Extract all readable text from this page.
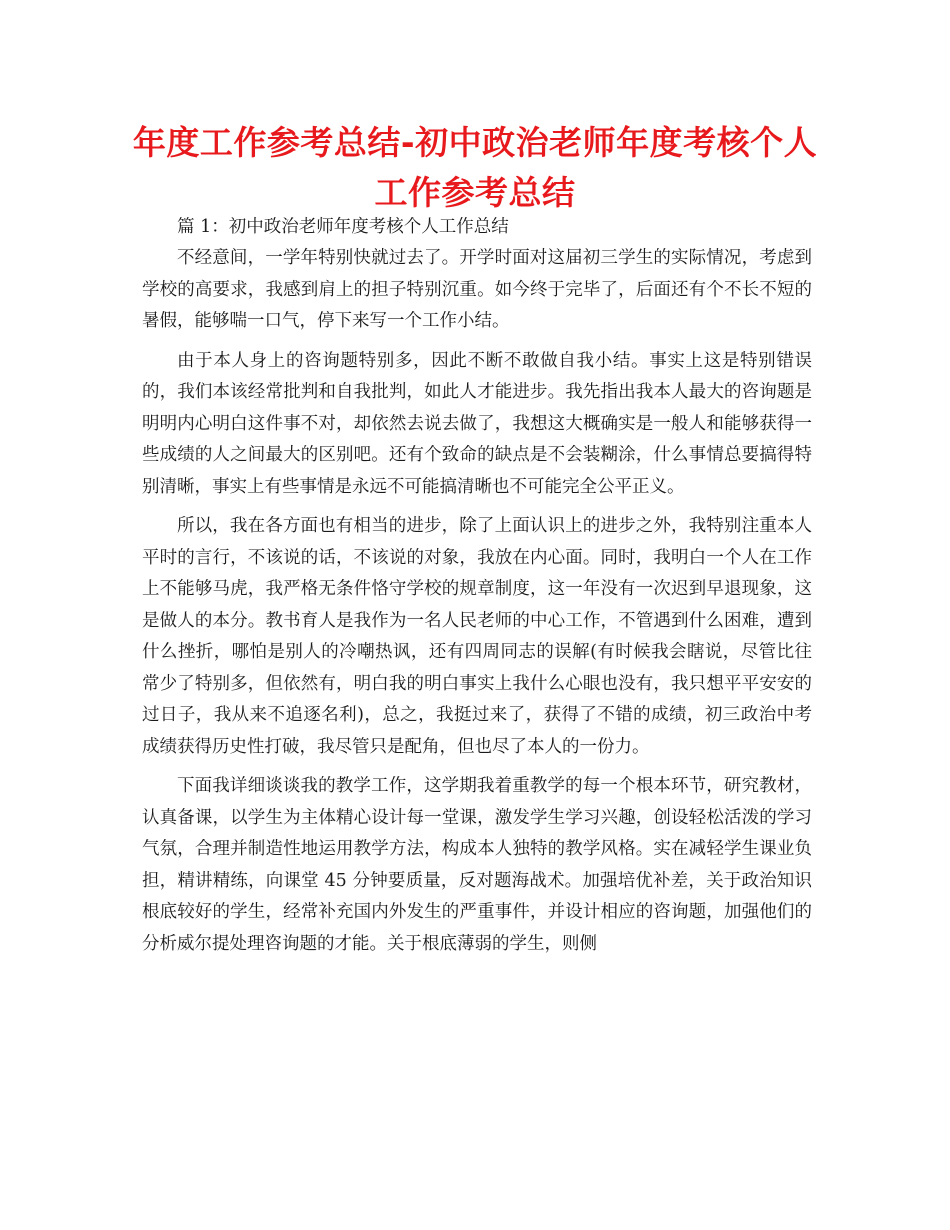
年度工作参考总结-初中政治老师年度考核个人工作参考总结

篇 1：初中政治老师年度考核个人工作总结

不经意间，一学年特别快就过去了。开学时面对这届初三学生的实际情况，考虑到学校的高要求，我感到肩上的担子特别沉重。如今终于完毕了，后面还有个不长不短的暑假，能够喘一口气，停下来写一个工作小结。

由于本人身上的咨询题特别多，因此不断不敢做自我小结。事实上这是特别错误的，我们本该经常批判和自我批判，如此人才能进步。我先指出我本人最大的咨询题是明明内心明白这件事不对，却依然去说去做了，我想这大概确实是一般人和能够获得一些成绩的人之间最大的区别吧。还有个致命的缺点是不会装糊涂，什么事情总要搞得特别清晰，事实上有些事情是永远不可能搞清晰也不可能完全公平正义。

所以，我在各方面也有相当的进步，除了上面认识上的进步之外，我特别注重本人平时的言行，不该说的话，不该说的对象，我放在内心面。同时，我明白一个人在工作上不能够马虎，我严格无条件恪守学校的规章制度，这一年没有一次迟到早退现象，这是做人的本分。教书育人是我作为一名人民老师的中心工作，不管遇到什么困难，遭到什么挫折，哪怕是别人的冷嘲热讽，还有四周同志的误解(有时候我会瞎说，尽管比往常少了特别多，但依然有，明白我的明白事实上我什么心眼也没有，我只想平平安安的过日子，我从来不追逐名利)，总之，我挺过来了，获得了不错的成绩，初三政治中考成绩获得历史性打破，我尽管只是配角，但也尽了本人的一份力。

下面我详细谈谈我的教学工作，这学期我着重教学的每一个根本环节，研究教材，认真备课，以学生为主体精心设计每一堂课，激发学生学习兴趣，创设轻松活泼的学习气氛，合理并制造性地运用教学方法，构成本人独特的教学风格。实在减轻学生课业负担，精讲精练，向课堂 45 分钟要质量，反对题海战术。加强培优补差，关于政治知识根底较好的学生，经常补充国内外发生的严重事件，并设计相应的咨询题，加强他们的分析威尔提处理咨询题的才能。关于根底薄弱的学生，则侧
